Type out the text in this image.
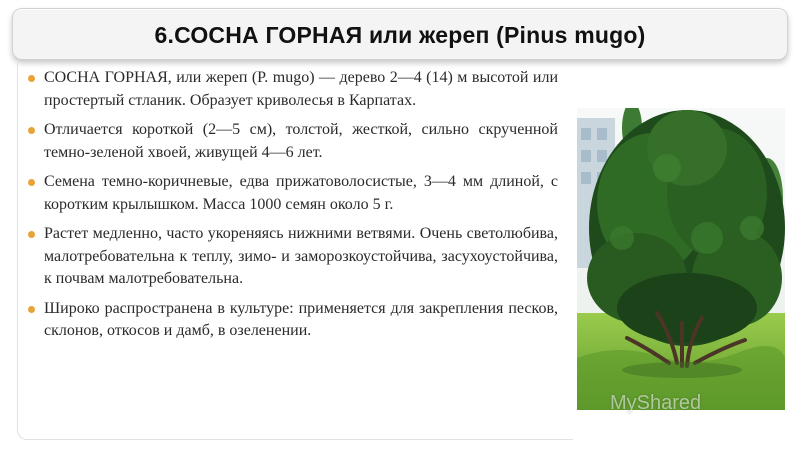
6.СОСНА ГОРНАЯ или жереп (Pinus mugo)
СОСНА ГОРНАЯ, или жереп (P. mugo) — дерево 2—4 (14) м высотой или простертый стланик. Образует криволесья в Карпатах.
Отличается короткой (2—5 см), толстой, жесткой, сильно скрученной темно-зеленой хвоей, живущей 4—6 лет.
Семена темно-коричневые, едва прижатоволосистые, 3—4 мм длиной, с коротким крылышком. Масса 1000 семян около 5 г.
Растет медленно, часто укореняясь нижними ветвями. Очень светолюбива, малотребовательна к теплу, зимо- и заморозкоустойчива, засухоустойчива, к почвам малотребовательна.
Широко распространена в культуре: применяется для закрепления песков, склонов, откосов и дамб, в озеленении.
MyShared
